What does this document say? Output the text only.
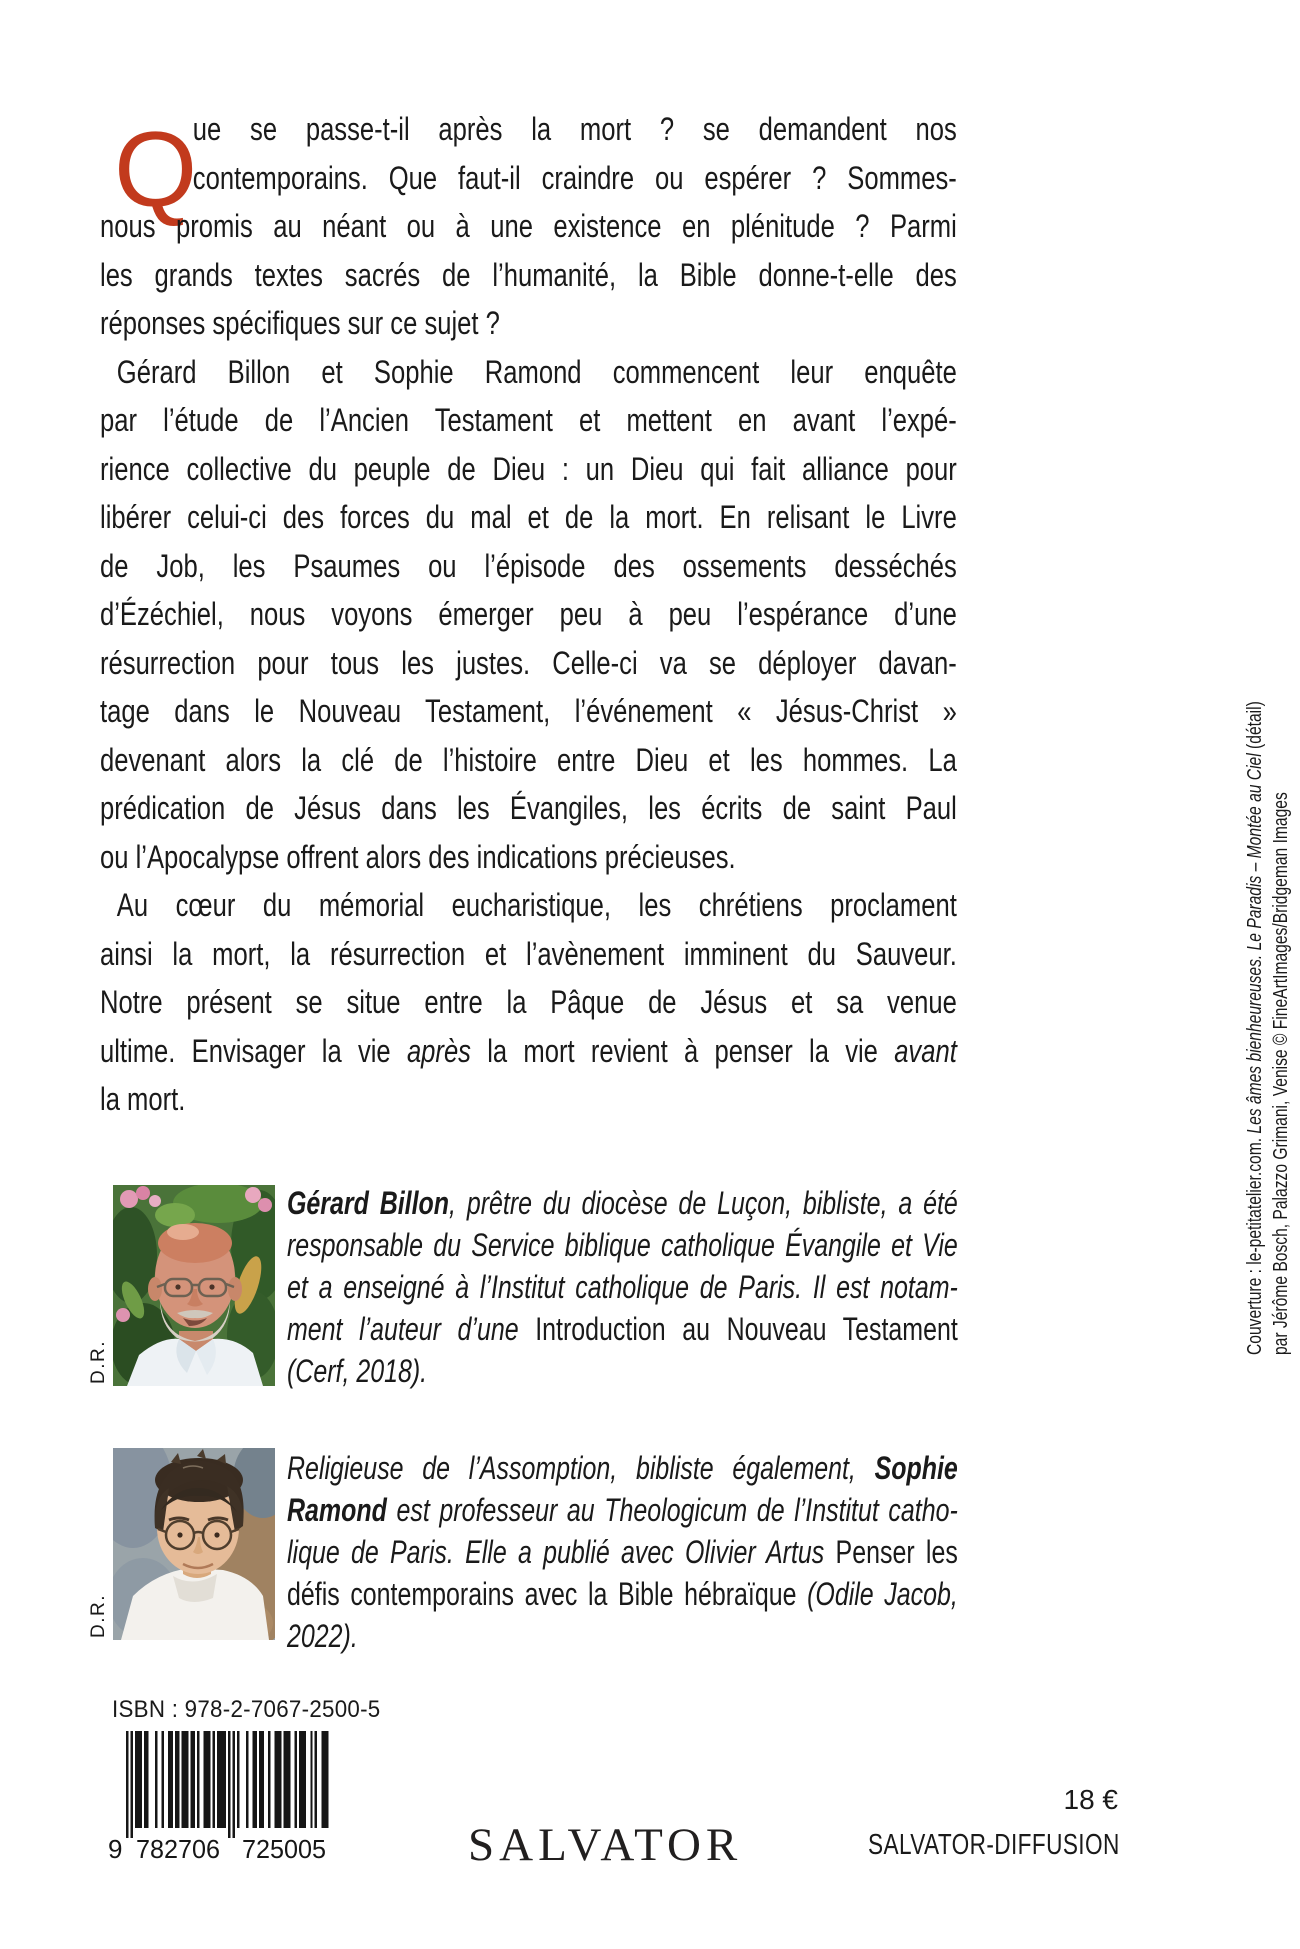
Q
ue se passe-t-il après la mort ? se demandent nos
contemporains. Que faut-il craindre ou espérer ? Sommes-
nous promis au néant ou à une existence en plénitude ? Parmi
les grands textes sacrés de l’humanité, la Bible donne-t-elle des
réponses spécifiques sur ce sujet ?
Gérard Billon et Sophie Ramond commencent leur enquête
par l’étude de l’Ancien Testament et mettent en avant l’expé-
rience collective du peuple de Dieu : un Dieu qui fait alliance pour
libérer celui-ci des forces du mal et de la mort. En relisant le Livre
de Job, les Psaumes ou l’épisode des ossements desséchés
d’Ézéchiel, nous voyons émerger peu à peu l’espérance d’une
résurrection pour tous les justes. Celle-ci va se déployer davan-
tage dans le Nouveau Testament, l’événement « Jésus-Christ »
devenant alors la clé de l’histoire entre Dieu et les hommes. La
prédication de Jésus dans les Évangiles, les écrits de saint Paul
ou l’Apocalypse offrent alors des indications précieuses.
Au cœur du mémorial eucharistique, les chrétiens proclament
ainsi la mort, la résurrection et l’avènement imminent du Sauveur.
Notre présent se situe entre la Pâque de Jésus et sa venue
ultime. Envisager la vie après la mort revient à penser la vie avant
la mort.
D.R.
Gérard Billon, prêtre du diocèse de Luçon, bibliste, a été
responsable du Service biblique catholique Évangile et Vie
et a enseigné à l’Institut catholique de Paris. Il est notam-
ment l’auteur d’une Introduction au Nouveau Testament
(Cerf, 2018).
D.R.
Religieuse de l’Assomption, bibliste également, Sophie
Ramond est professeur au Theologicum de l’Institut catho-
lique de Paris. Elle a publié avec Olivier Artus Penser les
défis contemporains avec la Bible hébraïque (Odile Jacob,
2022).
ISBN : 978-2-7067-2500-5
9 782706 725005	SALVATOR
18 €
SALVATOR-DIFFUSION
Couverture : le-petitatelier.com. Les âmes bienheureuses. Le Paradis – Montée au Ciel (détail)
par Jérôme Bosch, Palazzo Grimani, Venise © FineArtImages/Bridgeman Images
